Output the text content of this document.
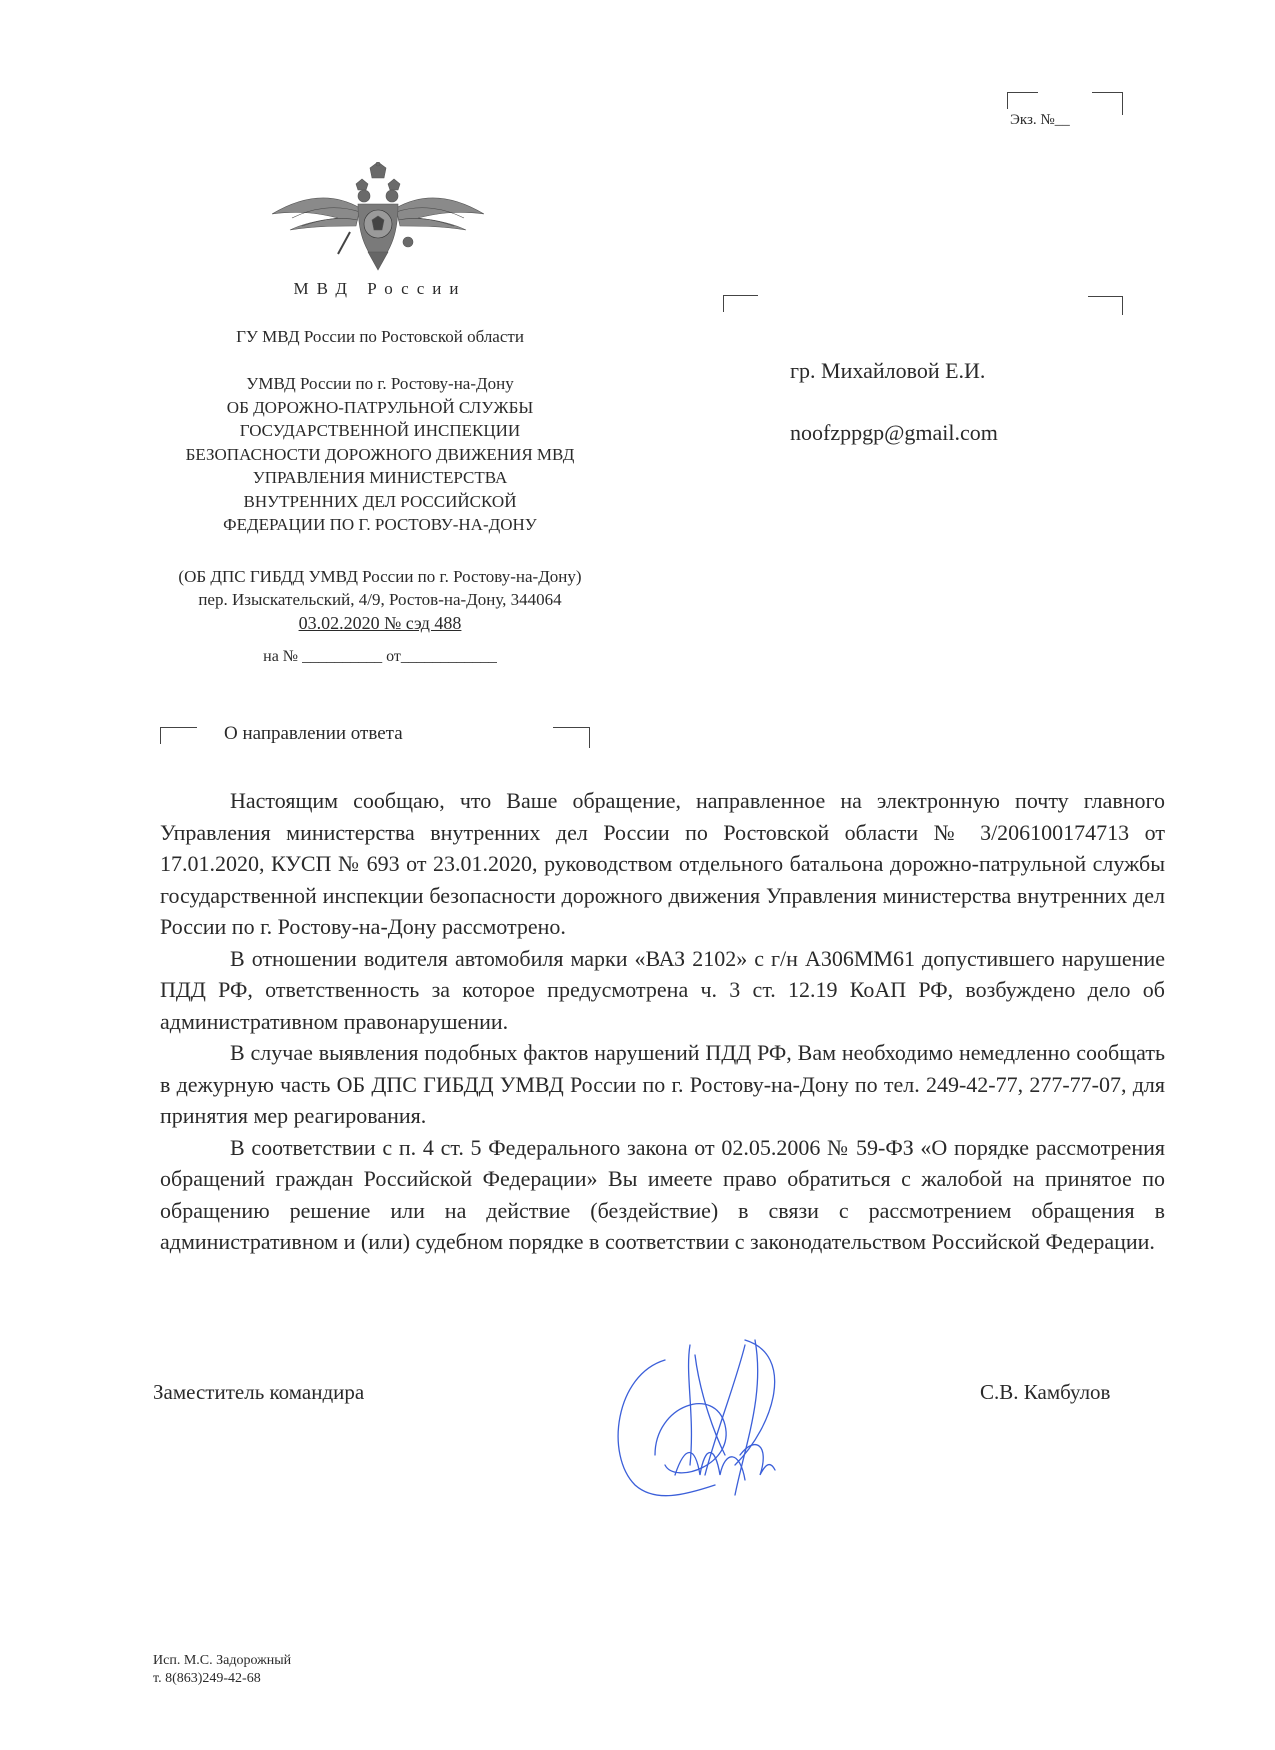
Экз. №__
МВД России
ГУ МВД России по Ростовской области
УМВД России по г. Ростову-на-Дону
ОБ ДОРОЖНО-ПАТРУЛЬНОЙ СЛУЖБЫ
ГОСУДАРСТВЕННОЙ ИНСПЕКЦИИ
БЕЗОПАСНОСТИ ДОРОЖНОГО ДВИЖЕНИЯ МВД
УПРАВЛЕНИЯ МИНИСТЕРСТВА
ВНУТРЕННИХ ДЕЛ РОССИЙСКОЙ
ФЕДЕРАЦИИ ПО Г. РОСТОВУ-НА-ДОНУ
(ОБ ДПС ГИБДД УМВД России по г. Ростову-на-Дону)
пер. Изыскательский, 4/9, Ростов-на-Дону, 344064
03.02.2020 № сэд 488
на № __________ от____________
гр. Михайловой Е.И.
noofzppgp@gmail.com
О направлении ответа

Настоящим сообщаю, что Ваше обращение, направленное на электронную почту главного Управления министерства внутренних дел России по Ростовской области № 3/206100174713 от 17.01.2020, КУСП № 693 от 23.01.2020, руководством отдельного батальона дорожно-патрульной службы государственной инспекции безопасности дорожного движения Управления министерства внутренних дел России по г. Ростову-на-Дону рассмотрено.

В отношении водителя автомобиля марки «ВАЗ 2102» с г/н А306ММ61 допустившего нарушение ПДД РФ, ответственность за которое предусмотрена ч. 3 ст. 12.19 КоАП РФ, возбуждено дело об административном правонарушении.

В случае выявления подобных фактов нарушений ПДД РФ, Вам необходимо немедленно сообщать в дежурную часть ОБ ДПС ГИБДД УМВД России по г. Ростову-на-Дону по тел. 249-42-77, 277-77-07, для принятия мер реагирования.

В соответствии с п. 4 ст. 5 Федерального закона от 02.05.2006 № 59-ФЗ «О порядке рассмотрения обращений граждан Российской Федерации» Вы имеете право обратиться с жалобой на принятое по обращению решение или на действие (бездействие) в связи с рассмотрением обращения в административном и (или) судебном порядке в соответствии с законодательством Российской Федерации.

Заместитель командира	С.В. Камбулов
Исп. М.С. Задорожный
т. 8(863)249-42-68
